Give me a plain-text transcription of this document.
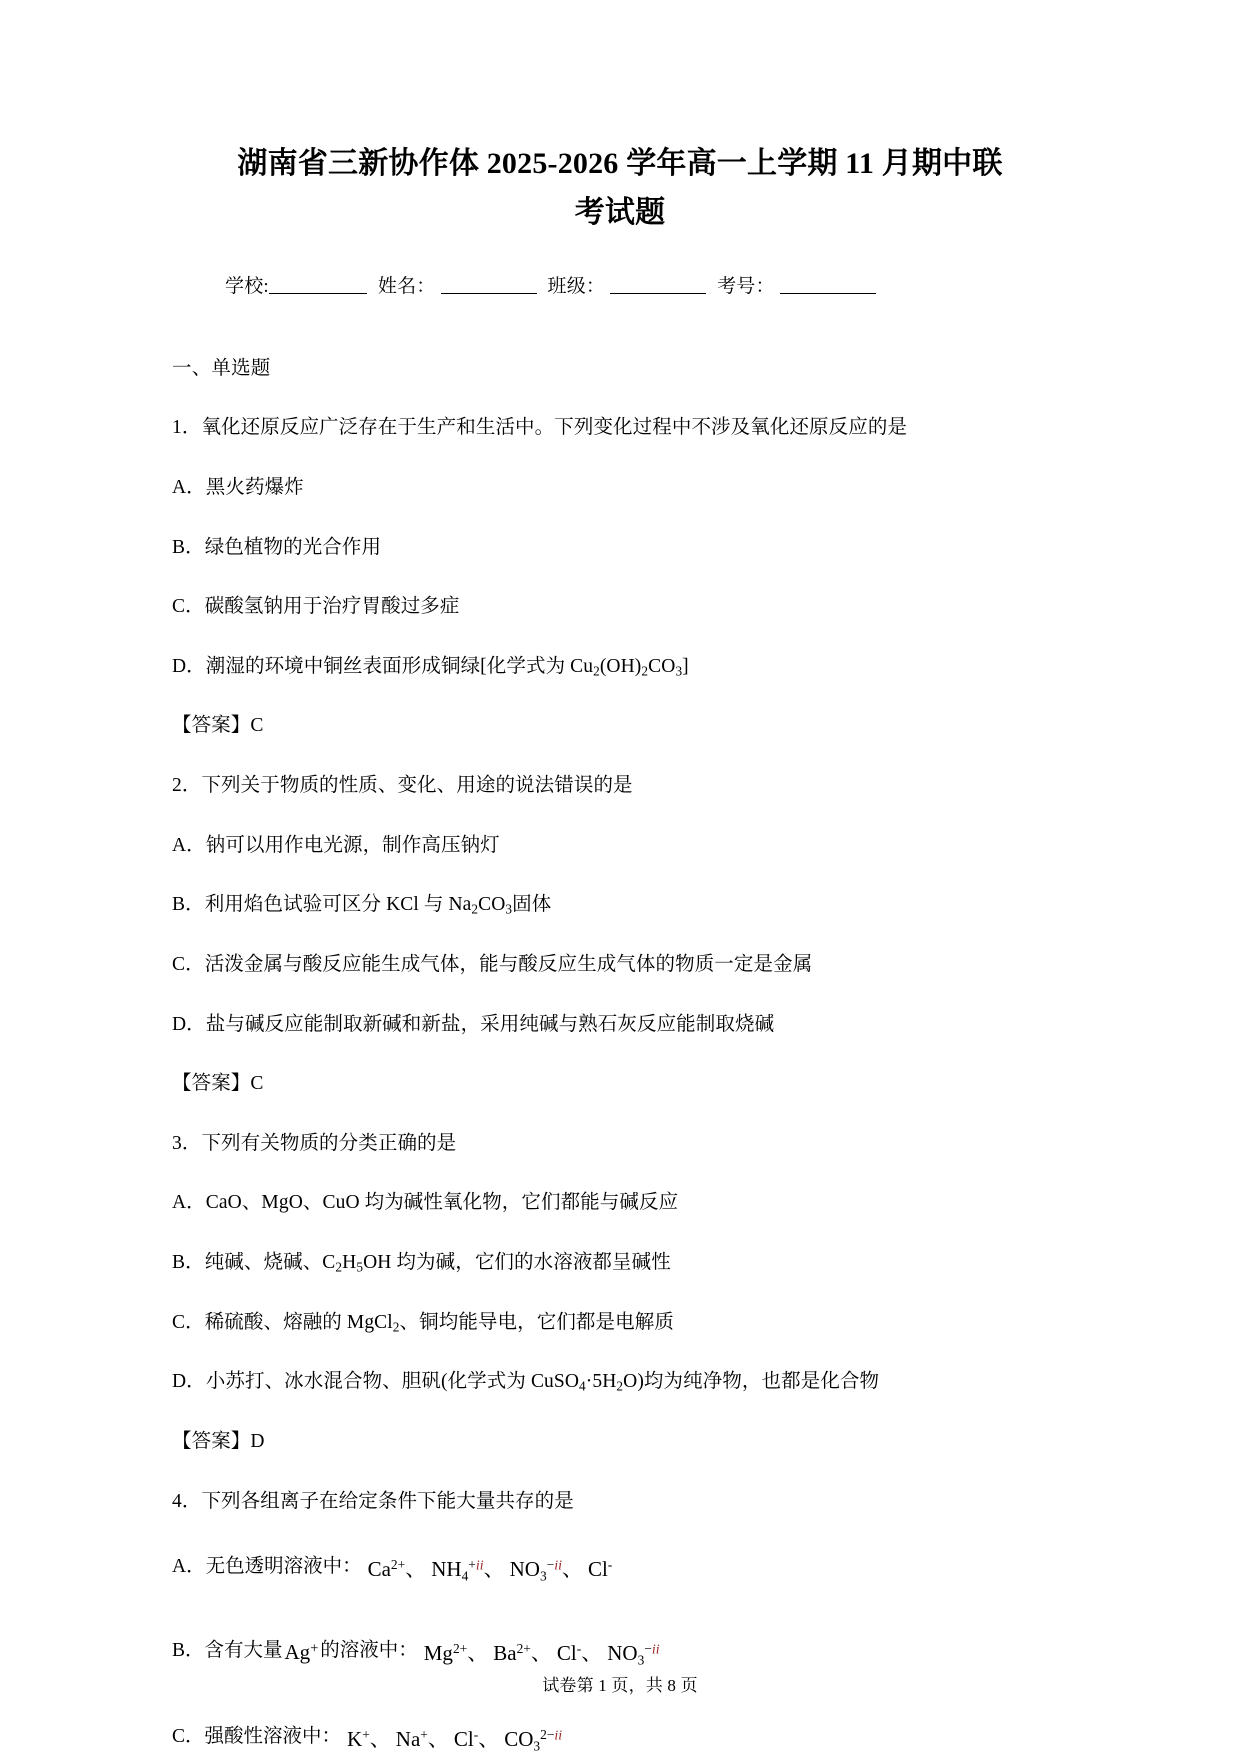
湖南省三新协作体 2025-2026 学年高一上学期 11 月期中联
考试题
学校:	姓名：	班级：	考号：

一、单选题

1．氧化还原反应广泛存在于生产和生活中。下列变化过程中不涉及氧化还原反应的是

A．黑火药爆炸

B．绿色植物的光合作用

C．碳酸氢钠用于治疗胃酸过多症

D．潮湿的环境中铜丝表面形成铜绿[化学式为 $Cu_2(OH)_2CO_3$]

【答案】C

2．下列关于物质的性质、变化、用途的说法错误的是

A．钠可以用作电光源，制作高压钠灯

B．利用焰色试验可区分 KCl 与 $Na_2CO_3$固体

C．活泼金属与酸反应能生成气体，能与酸反应生成气体的物质一定是金属

D．盐与碱反应能制取新碱和新盐，采用纯碱与熟石灰反应能制取烧碱

【答案】C

3．下列有关物质的分类正确的是

A．CaO、MgO、CuO 均为碱性氧化物，它们都能与碱反应

B．纯碱、烧碱、$C_2H_5OH$ 均为碱，它们的水溶液都呈碱性

C．稀硫酸、熔融的 MgCl$_2$、铜均能导电，它们都是电解质

D．小苏打、冰水混合物、胆矾(化学式为 $CuSO_4\cdot 5H_2O$)均为纯净物，也都是化合物

【答案】D

4．下列各组离子在给定条件下能大量共存的是

A．无色透明溶液中： $Ca^{2+}$、 $NH_4^{+ii}$、 $NO_3^{-ii}$、 Cl-
B．含有大量Ag+ 的溶液中： $Mg^{2+}$、 $Ba^{2+}$、 Cl-、 $NO_3^{-ii}$
C．强酸性溶液中： K+、 Na+、 Cl-、 $CO_3^{2-ii}$
试卷第 1 页，共 8 页
